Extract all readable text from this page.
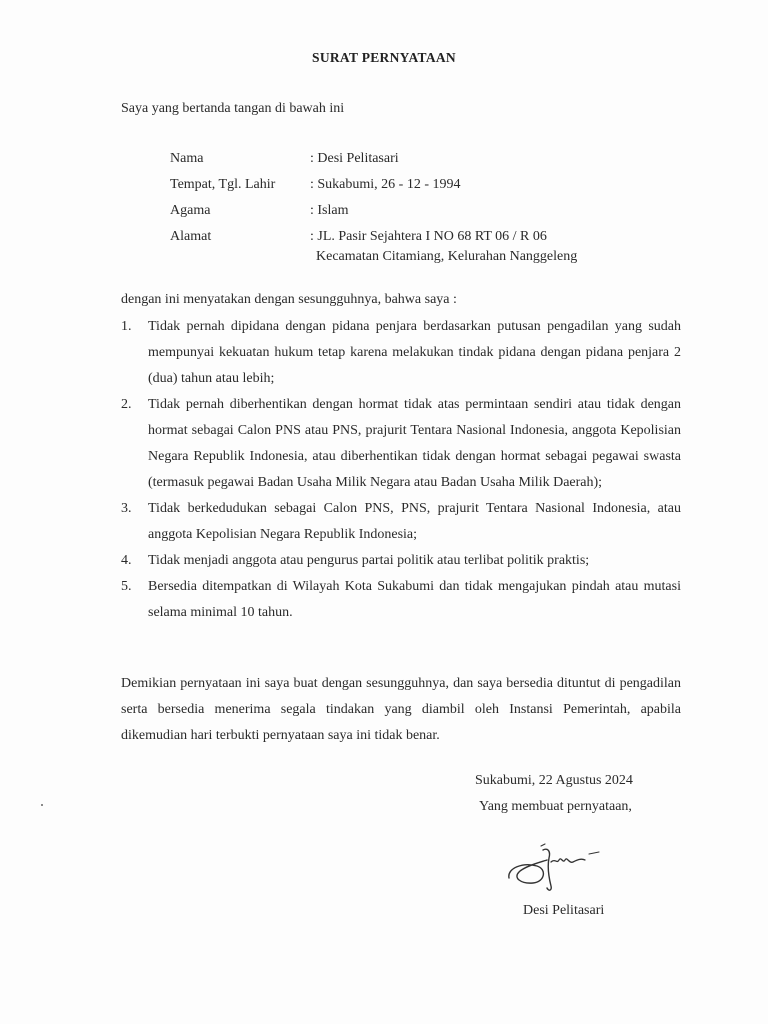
SURAT PERNYATAAN
Saya yang bertanda tangan di bawah ini
Nama	: Desi Pelitasari
Tempat, Tgl. Lahir	: Sukabumi, 26 - 12 - 1994
Agama	: Islam
Alamat	: JL. Pasir Sejahtera I NO 68 RT 06 / R 06
Kecamatan Citamiang, Kelurahan Nanggeleng
dengan ini menyatakan dengan sesungguhnya, bahwa saya :
1.	Tidak pernah dipidana dengan pidana penjara berdasarkan putusan pengadilan yang sudah mempunyai kekuatan hukum tetap karena melakukan tindak pidana dengan pidana penjara 2 (dua) tahun atau lebih;
2.	Tidak pernah diberhentikan dengan hormat tidak atas permintaan sendiri atau tidak dengan hormat sebagai Calon PNS atau PNS, prajurit Tentara Nasional Indonesia, anggota Kepolisian Negara Republik Indonesia, atau diberhentikan tidak dengan hormat sebagai pegawai swasta (termasuk pegawai Badan Usaha Milik Negara atau Badan Usaha Milik Daerah);
3.	Tidak berkedudukan sebagai Calon PNS, PNS, prajurit Tentara Nasional Indonesia, atau anggota Kepolisian Negara Republik Indonesia;
4.	Tidak menjadi anggota atau pengurus partai politik atau terlibat politik praktis;
5.	Bersedia ditempatkan di Wilayah Kota Sukabumi dan tidak mengajukan pindah atau mutasi selama minimal 10 tahun.
Demikian pernyataan ini saya buat dengan sesungguhnya, dan saya bersedia dituntut di pengadilan serta bersedia menerima segala tindakan yang diambil oleh Instansi Pemerintah, apabila dikemudian hari terbukti pernyataan saya ini tidak benar.
Sukabumi, 22 Agustus 2024
Yang membuat pernyataan,
Desi Pelitasari
